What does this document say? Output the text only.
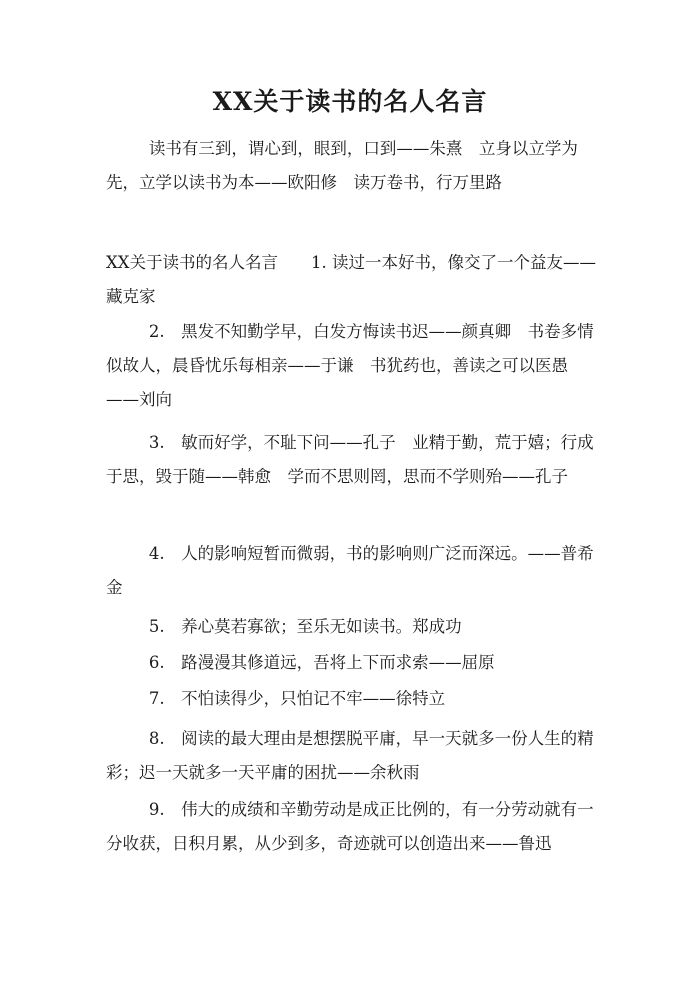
XX关于读书的名人名言

读书有三到，谓心到，眼到，口到——朱熹　立身以立学为先，立学以读书为本——欧阳修　读万卷书，行万里路

XX关于读书的名人名言　　1. 读过一本好书，像交了一个益友——藏克家

2.　黑发不知勤学早，白发方悔读书迟——颜真卿　书卷多情似故人，晨昏忧乐每相亲——于谦　书犹药也，善读之可以医愚——刘向

3.　敏而好学，不耻下问——孔子　业精于勤，荒于嬉；行成于思，毁于随——韩愈　学而不思则罔，思而不学则殆——孔子

4.　人的影响短暂而微弱，书的影响则广泛而深远。——普希金

5.　养心莫若寡欲；至乐无如读书。郑成功

6.　路漫漫其修道远，吾将上下而求索——屈原

7.　不怕读得少，只怕记不牢——徐特立

8.　阅读的最大理由是想摆脱平庸，早一天就多一份人生的精彩；迟一天就多一天平庸的困扰——余秋雨

9.　伟大的成绩和辛勤劳动是成正比例的，有一分劳动就有一分收获，日积月累，从少到多，奇迹就可以创造出来——鲁迅
